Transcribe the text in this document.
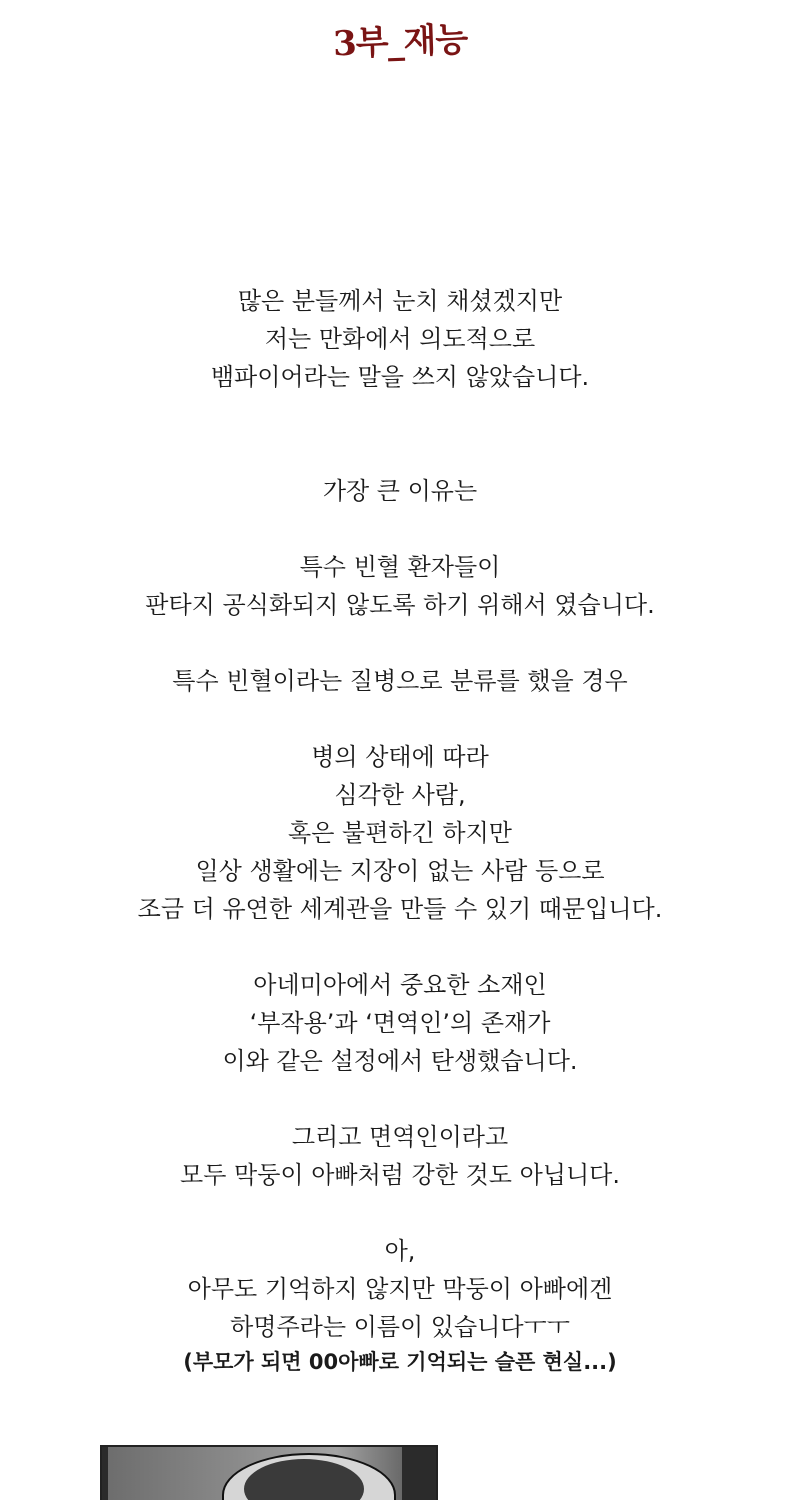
3부_재능
많은 분들께서 눈치 채셨겠지만
저는 만화에서 의도적으로
뱀파이어라는 말을 쓰지 않았습니다.
가장 큰 이유는
특수 빈혈 환자들이
판타지 공식화되지 않도록 하기 위해서 였습니다.
특수 빈혈이라는 질병으로 분류를 했을 경우
병의 상태에 따라
심각한 사람,
혹은 불편하긴 하지만
일상 생활에는 지장이 없는 사람 등으로
조금 더 유연한 세계관을 만들 수 있기 때문입니다.
아네미아에서 중요한 소재인
‘부작용’과 ‘면역인’의 존재가
이와 같은 설정에서 탄생했습니다.
그리고 면역인이라고
모두 막둥이 아빠처럼 강한 것도 아닙니다.
아,
아무도 기억하지 않지만 막둥이 아빠에겐
하명주라는 이름이 있습니다ㅜㅜ
(부모가 되면 00아빠로 기억되는 슬픈 현실...)
